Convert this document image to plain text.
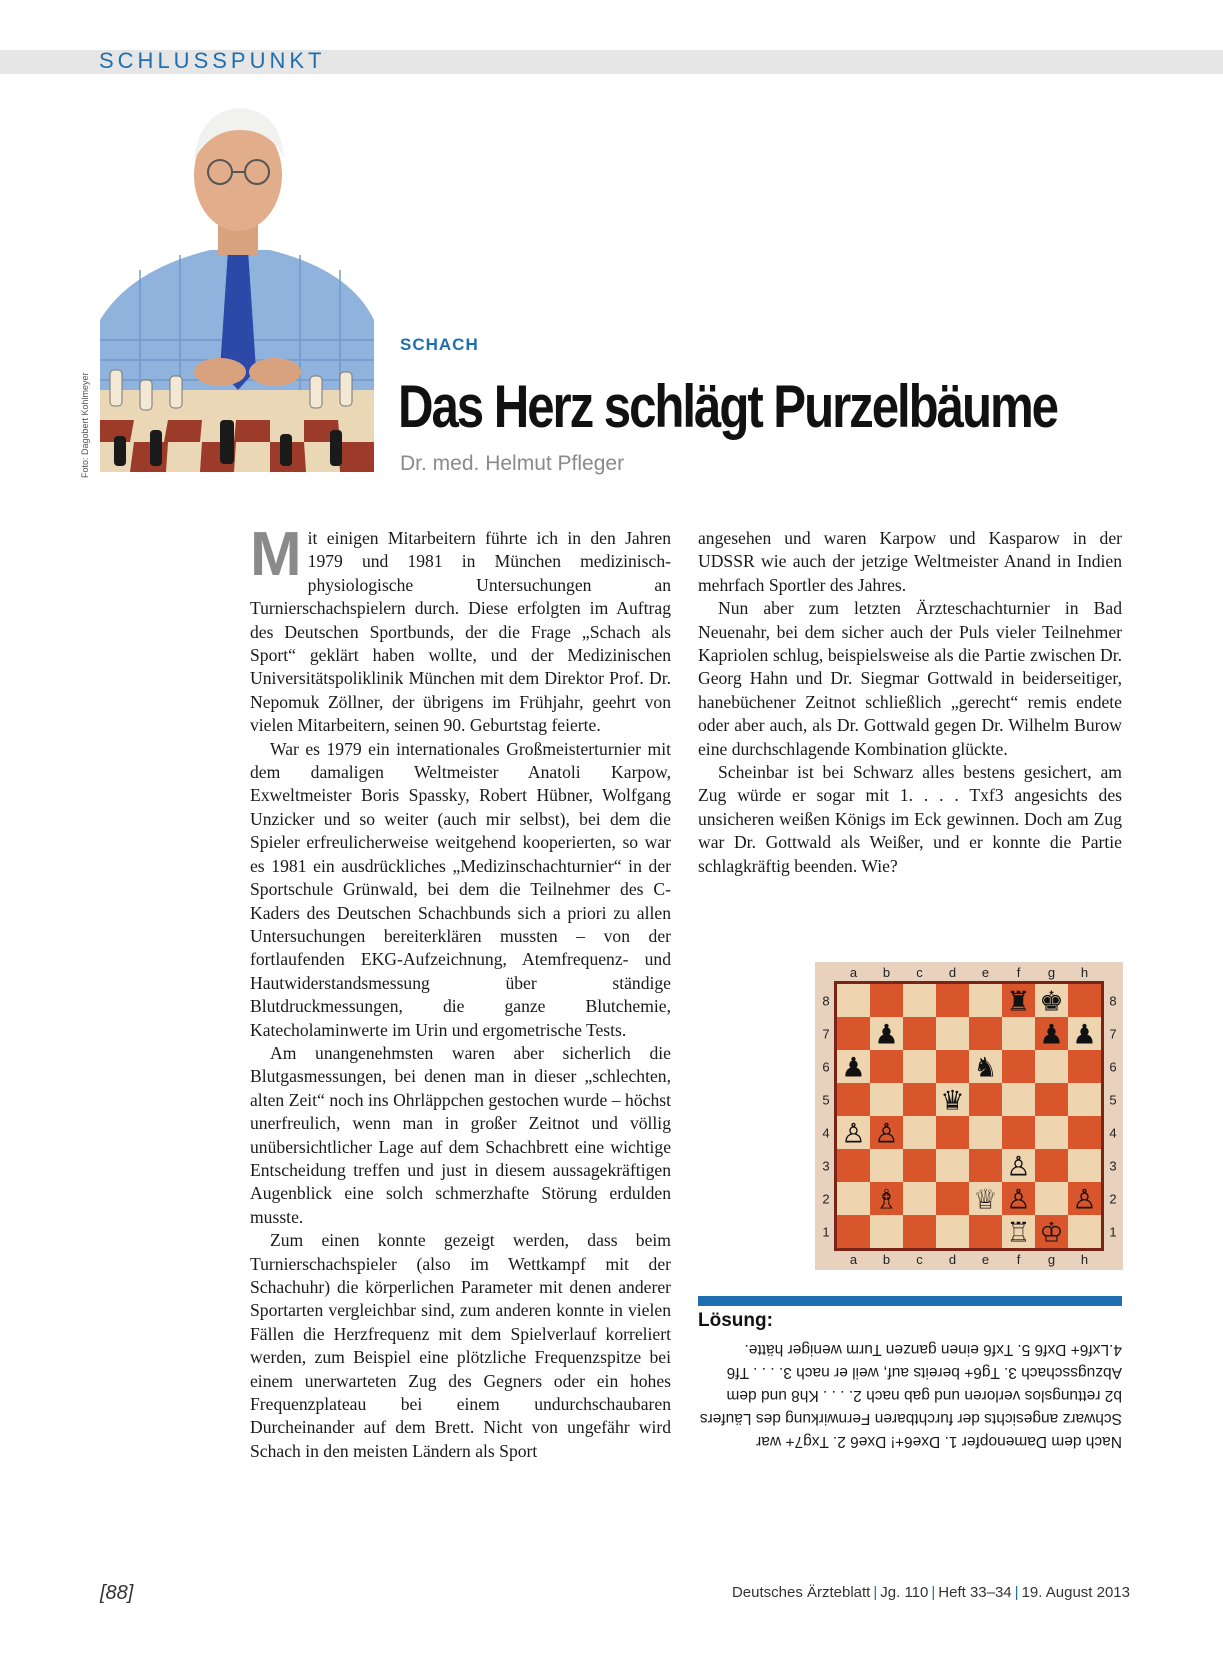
SCHLUSSPUNKT
Foto: Dagobert Kohlmeyer
SCHACH
Das Herz schlägt Purzelbäume
Dr. med. Helmut Pfleger

Mit einigen Mitarbeitern führte ich in den Jahren 1979 und 1981 in München medizinisch-physiologische Untersuchungen an Turnierschachspielern durch. Diese erfolgten im Auftrag des Deutschen Sportbunds, der die Frage „Schach als Sport“ geklärt haben wollte, und der Medizinischen Universitätspoliklinik München mit dem Direktor Prof. Dr. Nepomuk Zöllner, der übrigens im Frühjahr, geehrt von vielen Mitarbeitern, seinen 90. Geburtstag feierte.

War es 1979 ein internationales Großmeisterturnier mit dem damaligen Weltmeister Anatoli Karpow, Exweltmeister Boris Spassky, Robert Hübner, Wolfgang Unzicker und so weiter (auch mir selbst), bei dem die Spieler erfreulicherweise weitgehend kooperierten, so war es 1981 ein ausdrückliches „Medizinschachturnier“ in der Sportschule Grünwald, bei dem die Teilnehmer des C-Kaders des Deutschen Schachbunds sich a priori zu allen Untersuchungen bereiterklären mussten – von der fortlaufenden EKG-Aufzeichnung, Atemfrequenz- und Hautwiderstandsmessung über ständige Blutdruckmessungen, die ganze Blutchemie, Katecholaminwerte im Urin und ergometrische Tests.

Am unangenehmsten waren aber sicherlich die Blutgasmessungen, bei denen man in dieser „schlechten, alten Zeit“ noch ins Ohrläppchen gestochen wurde – höchst unerfreulich, wenn man in großer Zeitnot und völlig unübersichtlicher Lage auf dem Schachbrett eine wichtige Entscheidung treffen und just in diesem aussagekräftigen Augenblick eine solch schmerzhafte Störung erdulden musste.

Zum einen konnte gezeigt werden, dass beim Turnierschachspieler (also im Wettkampf mit der Schachuhr) die körperlichen Parameter mit denen anderer Sportarten vergleichbar sind, zum anderen konnte in vielen Fällen die Herzfrequenz mit dem Spielverlauf korreliert werden, zum Beispiel eine plötzliche Frequenzspitze bei einem unerwarteten Zug des Gegners oder ein hohes Frequenzplateau bei einem undurchschaubaren Durcheinander auf dem Brett. Nicht von ungefähr wird Schach in den meisten Ländern als Sport

angesehen und waren Karpow und Kasparow in der UDSSR wie auch der jetzige Weltmeister Anand in Indien mehrfach Sportler des Jahres.

Nun aber zum letzten Ärzteschachturnier in Bad Neuenahr, bei dem sicher auch der Puls vieler Teilnehmer Kapriolen schlug, beispielsweise als die Partie zwischen Dr. Georg Hahn und Dr. Siegmar Gottwald in beiderseitiger, hanebüchener Zeitnot schließlich „gerecht“ remis endete oder aber auch, als Dr. Gottwald gegen Dr. Wilhelm Burow eine durchschlagende Kombination glückte.

Scheinbar ist bei Schwarz alles bestens gesichert, am Zug würde er sogar mit 1. . . . Txf3 angesichts des unsicheren weißen Königs im Eck gewinnen. Doch am Zug war Dr. Gottwald als Weißer, und er konnte die Partie schlagkräftig beenden. Wie?

♜ ♚
♟	♟ ♟
♟	♞
♛
♙ ♙
♙
♗	♕ ♙ ♙
♖ ♔
a
a
b
b
c
c
d
d
e
e
f
f
g
g
h
h
8	8
7	7
6	6
5	5
4	4
3	3
2	2
1	1
Lösung:
Nach dem Damenopfer 1. Dxe6+! Dxe6 2. Txg7+ war Schwarz angesichts der furchtbaren Fernwirkung des Läufers b2 rettungslos verloren und gab nach 2. . . . Kh8 und dem Abzugsschach 3. Tg6+ bereits auf, weil er nach 3. . . . Tf6 4.Lxf6+ Dxf6 5. Txf6 einen ganzen Turm weniger hätte.
[88]	Deutsches Ärzteblatt | Jg. 110 | Heft 33–34 | 19. August 2013
